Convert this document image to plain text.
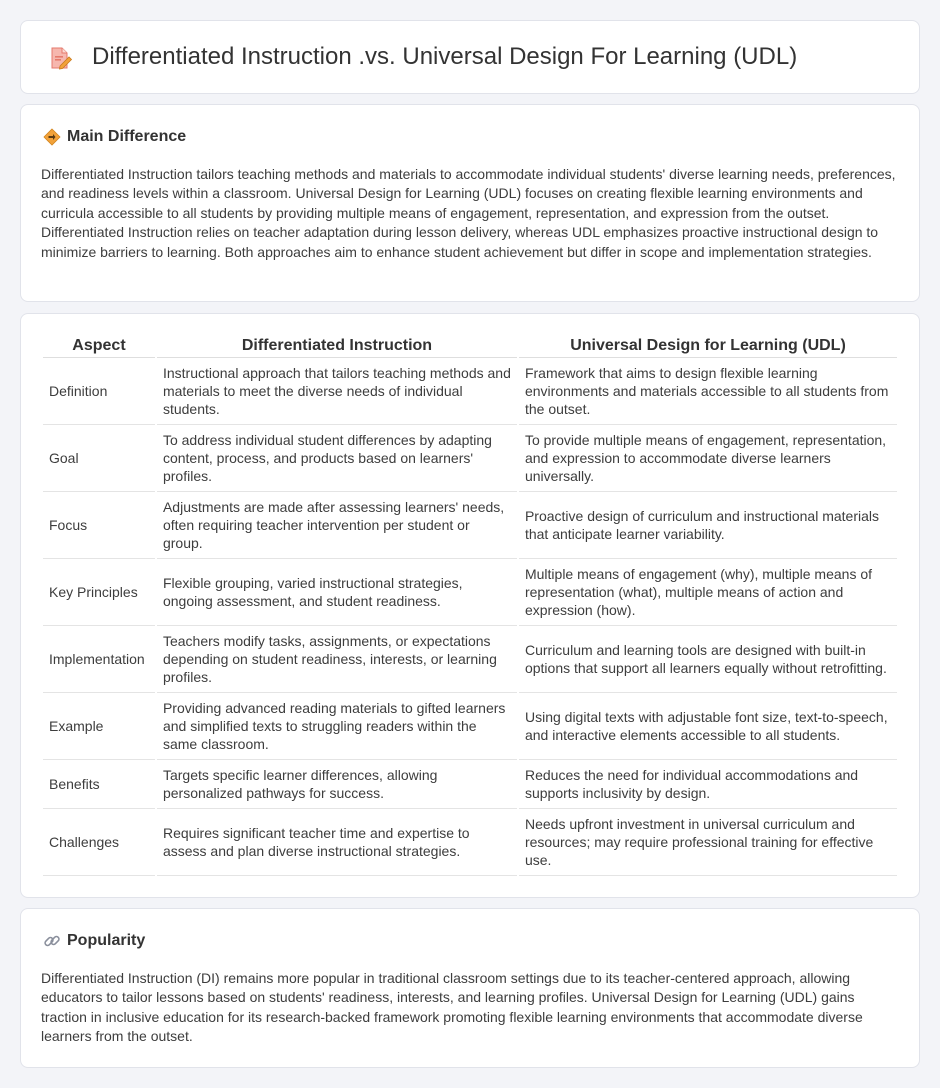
Differentiated Instruction .vs. Universal Design For Learning (UDL)
Main Difference

Differentiated Instruction tailors teaching methods and materials to accommodate individual students' diverse learning needs, preferences, and readiness levels within a classroom. Universal Design for Learning (UDL) focuses on creating flexible learning environments and curricula accessible to all students by providing multiple means of engagement, representation, and expression from the outset. Differentiated Instruction relies on teacher adaptation during lesson delivery, whereas UDL emphasizes proactive instructional design to minimize barriers to learning. Both approaches aim to enhance student achievement but differ in scope and implementation strategies.

Aspect	Differentiated Instruction	Universal Design for Learning (UDL)
Definition	Instructional approach that tailors teaching methods and materials to meet the diverse needs of individual students.	Framework that aims to design flexible learning environments and materials accessible to all students from the outset.
Goal	To address individual student differences by adapting content, process, and products based on learners' profiles.	To provide multiple means of engagement, representation, and expression to accommodate diverse learners universally.
Focus	Adjustments are made after assessing learners' needs, often requiring teacher intervention per student or group.	Proactive design of curriculum and instructional materials that anticipate learner variability.
Key Principles	Flexible grouping, varied instructional strategies, ongoing assessment, and student readiness.	Multiple means of engagement (why), multiple means of representation (what), multiple means of action and expression (how).
Implementation	Teachers modify tasks, assignments, or expectations depending on student readiness, interests, or learning profiles.	Curriculum and learning tools are designed with built-in options that support all learners equally without retrofitting.
Example	Providing advanced reading materials to gifted learners and simplified texts to struggling readers within the same classroom.	Using digital texts with adjustable font size, text-to-speech, and interactive elements accessible to all students.
Benefits	Targets specific learner differences, allowing personalized pathways for success.	Reduces the need for individual accommodations and supports inclusivity by design.
Challenges	Requires significant teacher time and expertise to assess and plan diverse instructional strategies.	Needs upfront investment in universal curriculum and resources; may require professional training for effective use.
Popularity

Differentiated Instruction (DI) remains more popular in traditional classroom settings due to its teacher-centered approach, allowing educators to tailor lessons based on students' readiness, interests, and learning profiles. Universal Design for Learning (UDL) gains traction in inclusive education for its research-backed framework promoting flexible learning environments that accommodate diverse learners from the outset.
